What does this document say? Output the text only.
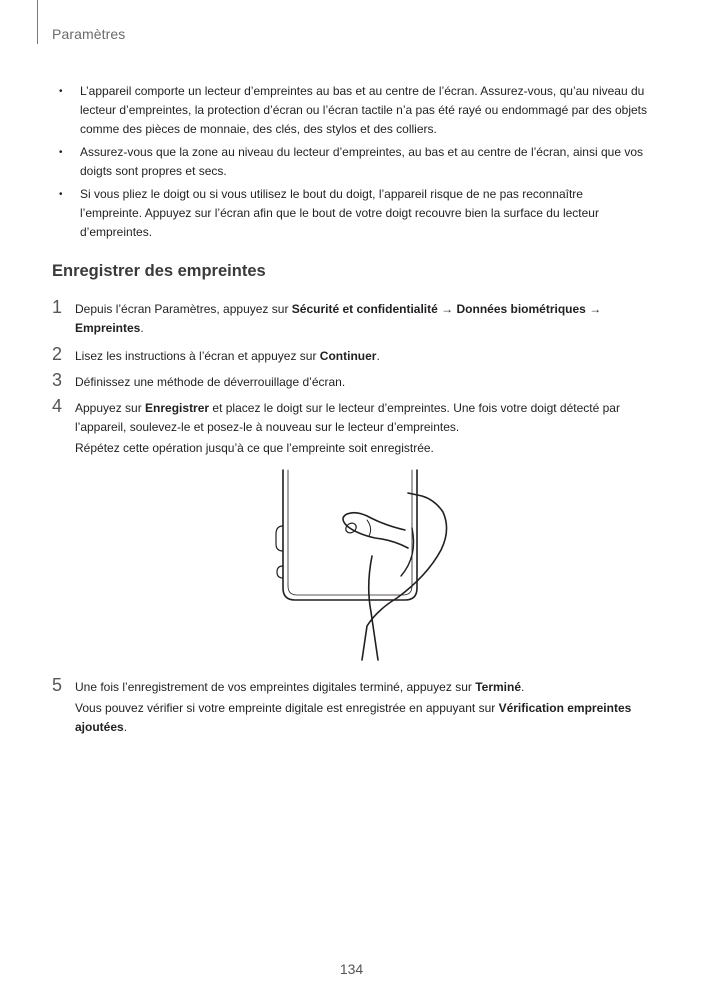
Paramètres
• L’appareil comporte un lecteur d’empreintes au bas et au centre de l’écran. Assurez-vous, qu’au niveau du lecteur d’empreintes, la protection d’écran ou l’écran tactile n’a pas été rayé ou endommagé par des objets comme des pièces de monnaie, des clés, des stylos et des colliers.
• Assurez-vous que la zone au niveau du lecteur d’empreintes, au bas et au centre de l’écran, ainsi que vos doigts sont propres et secs.
• Si vous pliez le doigt ou si vous utilisez le bout du doigt, l’appareil risque de ne pas reconnaître l’empreinte. Appuyez sur l’écran afin que le bout de votre doigt recouvre bien la surface du lecteur d’empreintes.
Enregistrer des empreintes
1	Depuis l’écran Paramètres, appuyez sur Sécurité et confidentialité → Données biométriques → Empreintes.
2	Lisez les instructions à l’écran et appuyez sur Continuer.
3	Définissez une méthode de déverrouillage d’écran.
4	Appuyez sur Enregistrer et placez le doigt sur le lecteur d’empreintes. Une fois votre doigt détecté par l’appareil, soulevez-le et posez-le à nouveau sur le lecteur d’empreintes.
Répétez cette opération jusqu’à ce que l’empreinte soit enregistrée.
5	Une fois l’enregistrement de vos empreintes digitales terminé, appuyez sur Terminé.
Vous pouvez vérifier si votre empreinte digitale est enregistrée en appuyant sur Vérification empreintes ajoutées.
134
